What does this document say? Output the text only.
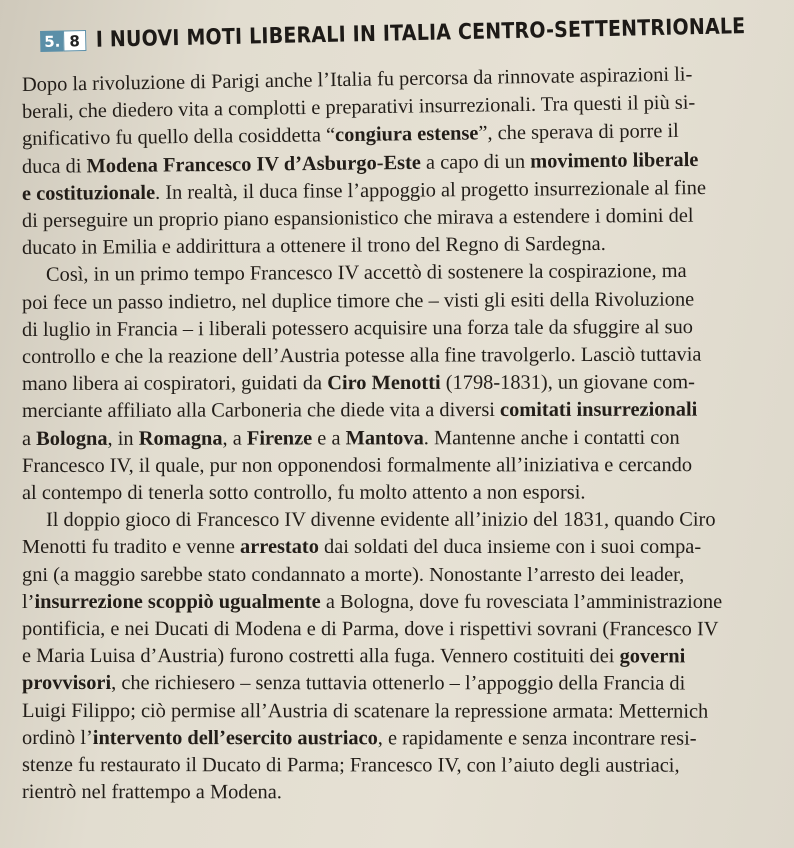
5. 8 I NUOVI MOTI LIBERALI IN ITALIA CENTRO-SETTENTRIONALE
Dopo la rivoluzione di Parigi anche l’Italia fu percorsa da rinnovate aspirazioni li-
berali, che diedero vita a complotti e preparativi insurrezionali. Tra questi il più si-
gnificativo fu quello della cosiddetta “congiura estense”, che sperava di porre il
duca di Modena Francesco IV d’Asburgo-Este a capo di un movimento liberale
e costituzionale. In realtà, il duca finse l’appoggio al progetto insurrezionale al fine
di perseguire un proprio piano espansionistico che mirava a estendere i domini del
ducato in Emilia e addirittura a ottenere il trono del Regno di Sardegna.
Così, in un primo tempo Francesco IV accettò di sostenere la cospirazione, ma
poi fece un passo indietro, nel duplice timore che – visti gli esiti della Rivoluzione
di luglio in Francia – i liberali potessero acquisire una forza tale da sfuggire al suo
controllo e che la reazione dell’Austria potesse alla fine travolgerlo. Lasciò tuttavia
mano libera ai cospiratori, guidati da Ciro Menotti (1798-1831), un giovane com-
merciante affiliato alla Carboneria che diede vita a diversi comitati insurrezionali
a Bologna, in Romagna, a Firenze e a Mantova. Mantenne anche i contatti con
Francesco IV, il quale, pur non opponendosi formalmente all’iniziativa e cercando
al contempo di tenerla sotto controllo, fu molto attento a non esporsi.
Il doppio gioco di Francesco IV divenne evidente all’inizio del 1831, quando Ciro
Menotti fu tradito e venne arrestato dai soldati del duca insieme con i suoi compa-
gni (a maggio sarebbe stato condannato a morte). Nonostante l’arresto dei leader,
l’insurrezione scoppiò ugualmente a Bologna, dove fu rovesciata l’amministrazione
pontificia, e nei Ducati di Modena e di Parma, dove i rispettivi sovrani (Francesco IV
e Maria Luisa d’Austria) furono costretti alla fuga. Vennero costituiti dei governi
provvisori, che richiesero – senza tuttavia ottenerlo – l’appoggio della Francia di
Luigi Filippo; ciò permise all’Austria di scatenare la repressione armata: Metternich
ordinò l’intervento dell’esercito austriaco, e rapidamente e senza incontrare resi-
stenze fu restaurato il Ducato di Parma; Francesco IV, con l’aiuto degli austriaci,
rientrò nel frattempo a Modena.
